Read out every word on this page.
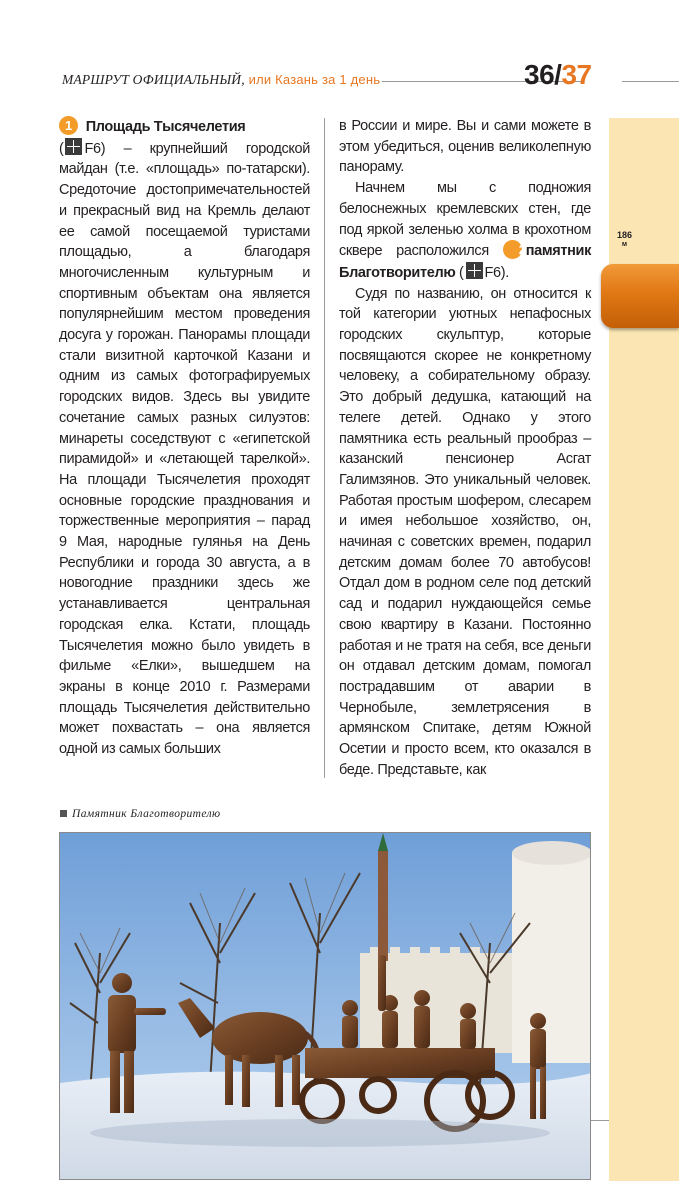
МАРШРУТ ОФИЦИАЛЬНЫЙ, или Казань за 1 день	36/37
186
м

1 Площадь Тысячелетия
( F6) – крупнейший городской майдан (т.е. «площадь» по-татарски). Средоточие достопримечательностей и прекрасный вид на Кремль делают ее самой посещаемой туристами площадью, а благодаря многочисленным культурным и спортивным объектам она является популярнейшим местом проведения досуга у горожан. Панорамы площади стали визитной карточкой Казани и одним из самых фотографируемых городских видов. Здесь вы увидите сочетание самых разных силуэтов: минареты соседствуют с «египетской пирамидой» и «летающей тарелкой». На площади Тысячелетия проходят основные городские празднования и торжественные мероприятия – парад 9 Мая, народные гулянья на День Республики и города 30 августа, а в новогодние праздники здесь же устанавливается центральная городская елка. Кстати, площадь Тысячелетия можно было увидеть в фильме «Елки», вышедшем на экраны в конце 2010 г. Размерами площадь Тысячелетия действительно может похвастать – она является одной из самых больших

в России и мире. Вы и сами можете в этом убедиться, оценив великолепную панораму.

Начнем мы с подножия белоснежных кремлевских стен, где под яркой зеленью холма в крохотном сквере расположился 2памятник Благотворителю ( F6).

Судя по названию, он относится к той категории уютных непафосных городских скульптур, которые посвящаются скорее не конкретному человеку, а собирательному образу. Это добрый дедушка, катающий на телеге детей. Однако у этого памятника есть реальный прообраз – казанский пенсионер Асгат Галимзянов. Это уникальный человек. Работая простым шофером, слесарем и имея небольшое хозяйство, он, начиная с советских времен, подарил детским домам более 70 автобусов! Отдал дом в родном селе под детский сад и подарил нуждающейся семье свою квартиру в Казани. Постоянно работая и не тратя на себя, все деньги он отдавал детским домам, помогал пострадавшим от аварии в Чернобыле, землетрясения в армянском Спитаке, детям Южной Осетии и просто всем, кто оказался в беде. Представьте, как

Памятник Благотворителю
